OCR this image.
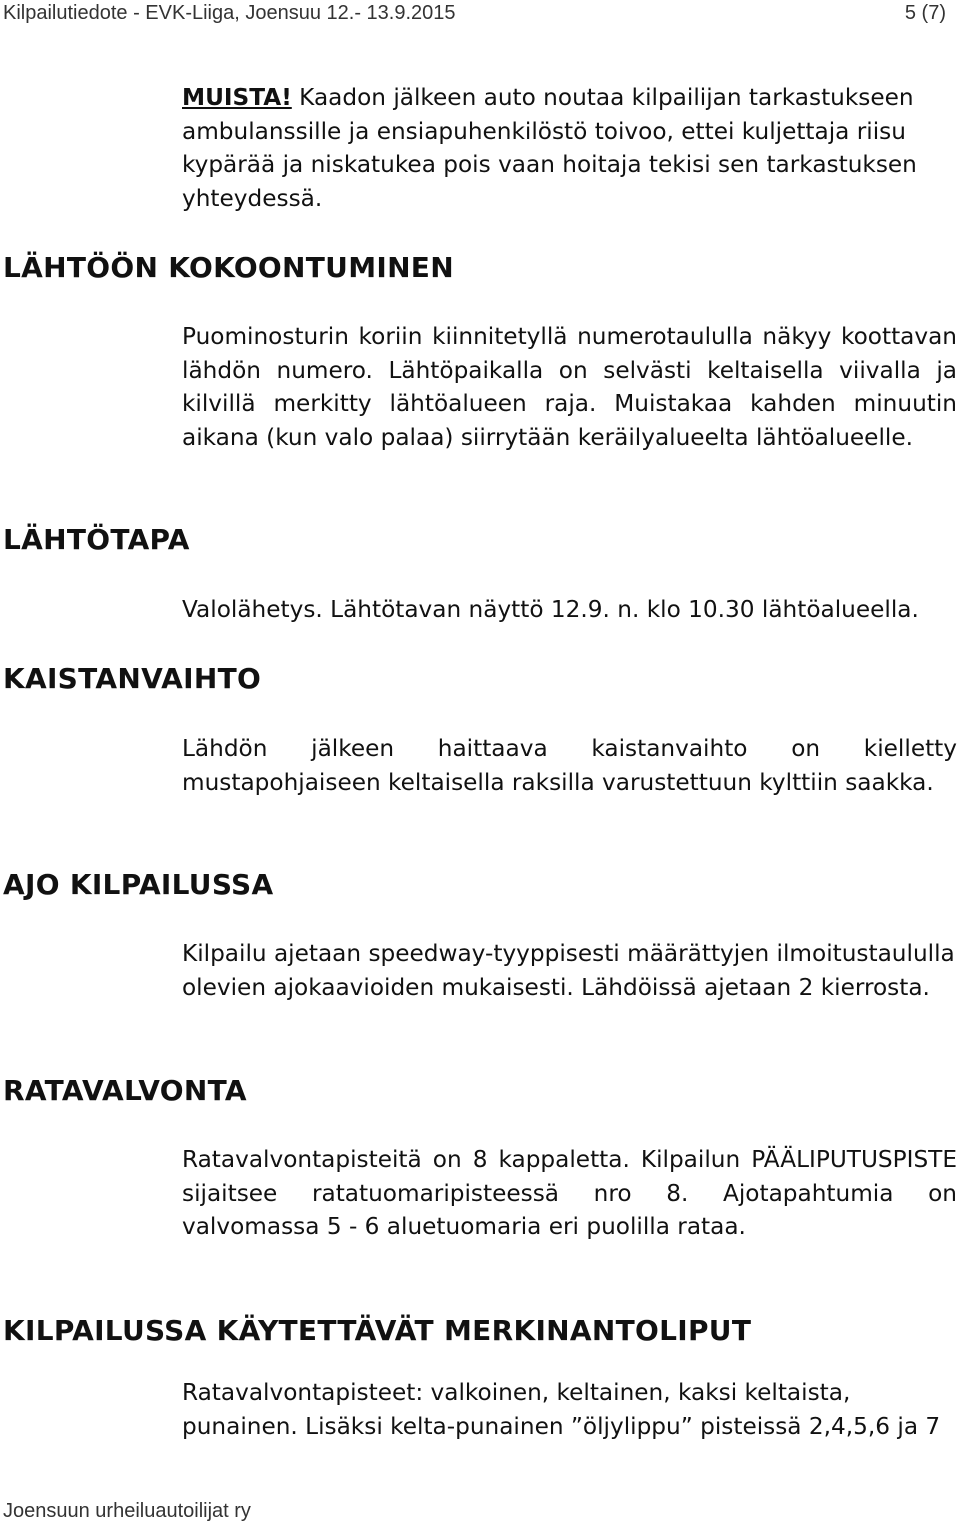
Kilpailutiedote - EVK-Liiga, Joensuu 12.- 13.9.2015	5 (7)

MUISTA! Kaadon jälkeen auto noutaa kilpailijan tarkastukseen ambulanssille ja ensiapuhenkilöstö toivoo, ettei kuljettaja riisu kypärää ja niskatukea pois vaan hoitaja tekisi sen tarkastuksen yhteydessä.

LÄHTÖÖN KOKOONTUMINEN

Puominosturin koriin kiinnitetyllä numerotaululla näkyy koottavan lähdön numero. Lähtöpaikalla on selvästi keltaisella viivalla ja kilvillä merkitty lähtöalueen raja. Muistakaa kahden minuutin aikana (kun valo palaa) siirrytään keräilyalueelta lähtöalueelle.

LÄHTÖTAPA

Valolähetys. Lähtötavan näyttö 12.9. n. klo 10.30 lähtöalueella.

KAISTANVAIHTO

Lähdön jälkeen haittaava kaistanvaihto on kielletty mustapohjaiseen keltaisella raksilla varustettuun kylttiin saakka.

AJO KILPAILUSSA

Kilpailu ajetaan speedway-tyyppisesti määrättyjen ilmoitustaululla olevien ajokaavioiden mukaisesti. Lähdöissä ajetaan 2 kierrosta.

RATAVALVONTA

Ratavalvontapisteitä on 8 kappaletta. Kilpailun PÄÄLIPUTUSPISTE sijaitsee ratatuomaripisteessä nro 8. Ajotapahtumia on valvomassa 5 - 6 aluetuomaria eri puolilla rataa.

KILPAILUSSA KÄYTETTÄVÄT MERKINANTOLIPUT

Ratavalvontapisteet: valkoinen, keltainen, kaksi keltaista, punainen. Lisäksi kelta-punainen ”öljylippu” pisteissä 2,4,5,6 ja 7

Joensuun urheiluautoilijat ry
